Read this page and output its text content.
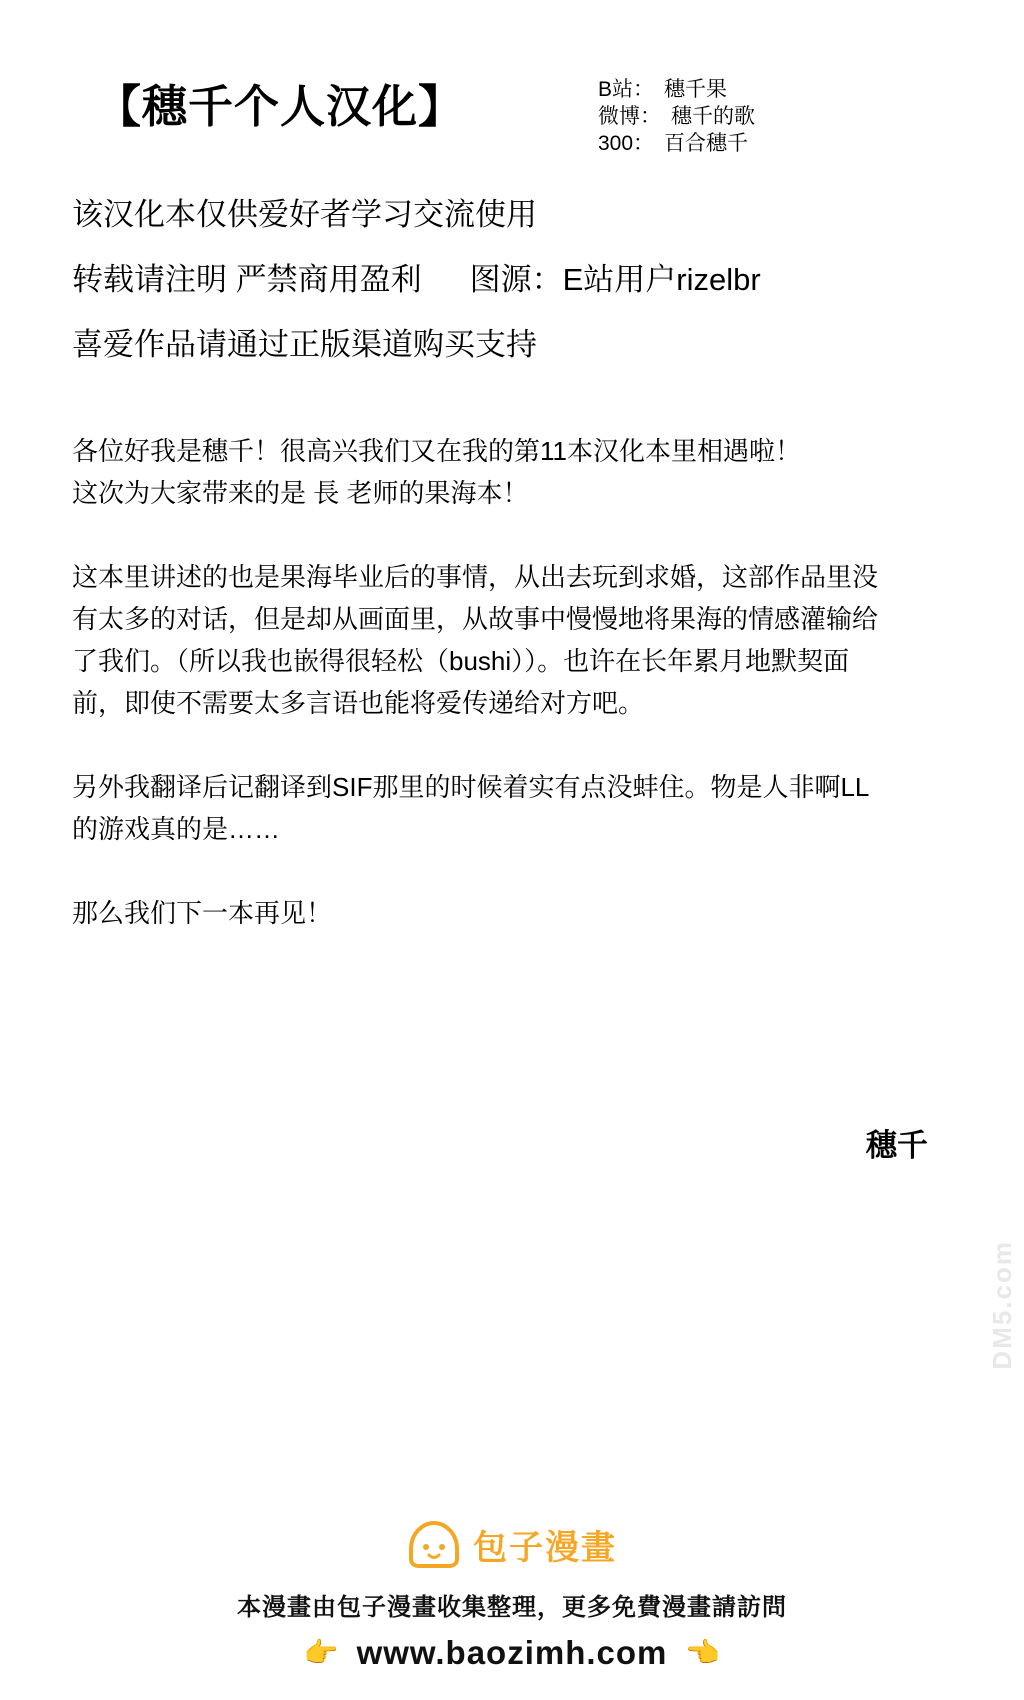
【穗千个人汉化】	B站： 穗千果
微博： 穗千的歌
300： 百合穗千
该汉化本仅供爱好者学习交流使用
转载请注明 严禁商用盈利 图源：E站用户rizelbr
喜爱作品请通过正版渠道购买支持

各位好我是穗千！很高兴我们又在我的第11本汉化本里相遇啦！
这次为大家带来的是 長 老师的果海本！

这本里讲述的也是果海毕业后的事情，从出去玩到求婚，这部作品里没有太多的对话，但是却从画面里，从故事中慢慢地将果海的情感灌输给了我们。（所以我也嵌得很轻松（bushi））。也许在长年累月地默契面前，即使不需要太多言语也能将爱传递给对方吧。

另外我翻译后记翻译到SIF那里的时候着实有点没蚌住。物是人非啊LL的游戏真的是……

那么我们下一本再见！

穗千
DM5.com
包子漫畫
本漫畫由包子漫畫收集整理，更多免費漫畫請訪問
👉 www.baozimh.com 👈
